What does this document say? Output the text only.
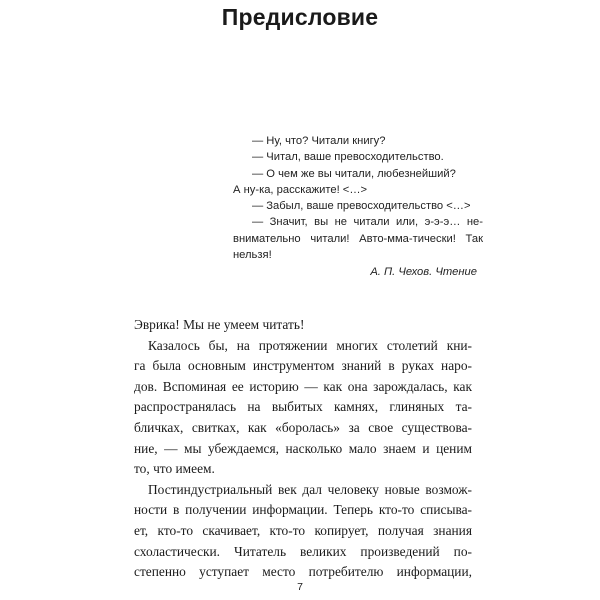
Предисловие

— Ну, что? Читали книгу?

— Читал, ваше превосходительство.

— О чем же вы читали, любезнейший?

А ну-ка, расскажите! <…>

— Забыл, ваше превосходительство <…>

— Значит, вы не читали или, э-э-э… не-

внимательно читали! Авто-мма-тически! Так

нельзя!

А. П. Чехов. Чтение

Эврика! Мы не умеем читать!
Казалось бы, на протяжении многих столетий кни-
га была основным инструментом знаний в руках наро-
дов. Вспоминая ее историю — как она зарождалась, как
распространялась на выбитых камнях, глиняных та-
бличках, свитках, как «боролась» за свое существова-
ние, — мы убеждаемся, насколько мало знаем и ценим
то, что имеем.
Постиндустриальный век дал человеку новые возмож-
ности в получении информации. Теперь кто-то списыва-
ет, кто-то скачивает, кто-то копирует, получая знания
схоластически. Читатель великих произведений по-
степенно уступает место потребителю информации,
7
